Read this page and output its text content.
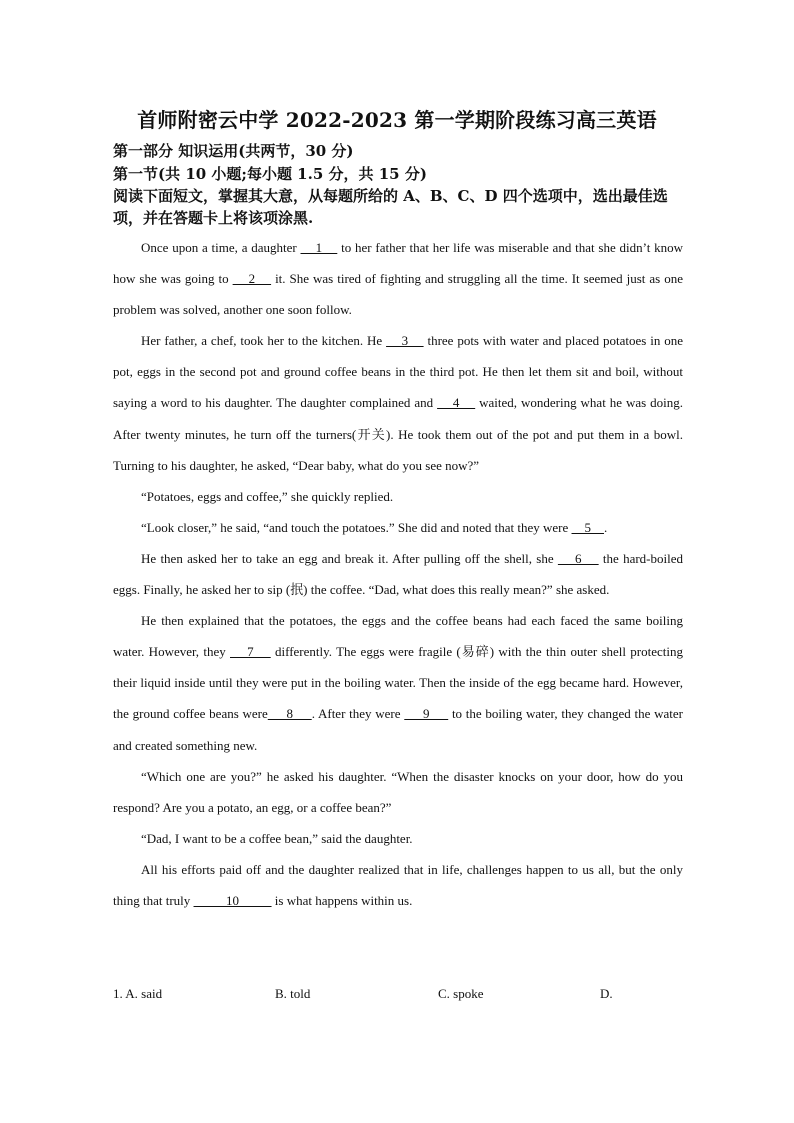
首师附密云中学 2022-2023 第一学期阶段练习高三英语
第一部分 知识运用(共两节，30 分)
第一节(共 10 小题;每小题 1.5 分，共 15 分)
阅读下面短文，掌握其大意，从每题所给的 A、B、C、D 四个选项中，选出最佳选项，并在答题卡上将该项涂黑.

Once upon a time, a daughter     1     to her father that her life was miserable and that she didn’t know how she was going to     2     it. She was tired of fighting and struggling all the time. It seemed just as one problem was solved, another one soon follow.

Her father, a chef, took her to the kitchen. He     3     three pots with water and placed potatoes in one pot, eggs in the second pot and ground coffee beans in the third pot. He then let them sit and boil, without saying a word to his daughter. The daughter complained and     4     waited, wondering what he was doing. After twenty minutes, he turn off the turners(开关). He took them out of the pot and put them in a bowl. Turning to his daughter, he asked, “Dear baby, what do you see now?”

“Potatoes, eggs and coffee,” she quickly replied.

“Look closer,” he said, “and touch the potatoes.” She did and noted that they were     5    .

He then asked her to take an egg and break it. After pulling off the shell, she     6     the hard-boiled eggs. Finally, he asked her to sip (抿) the coffee. “Dad, what does this really mean?” she asked.

He then explained that the potatoes, the eggs and the coffee beans had each faced the same boiling water. However, they     7     differently. The eggs were fragile (易碎) with the thin outer shell protecting their liquid inside until they were put in the boiling water. Then the inside of the egg became hard. However, the ground coffee beans were     8     . After they were      9      to the boiling water, they changed the water and created something new.

“Which one are you?” he asked his daughter. “When the disaster knocks on your door, how do you respond? Are you a potato, an egg, or a coffee bean?”

“Dad, I want to be a coffee bean,” said the daughter.

All his efforts paid off and the daughter realized that in life, challenges happen to us all, but the only thing that truly           10           is what happens within us.

1. A. said	B. told	C. spoke	D.
